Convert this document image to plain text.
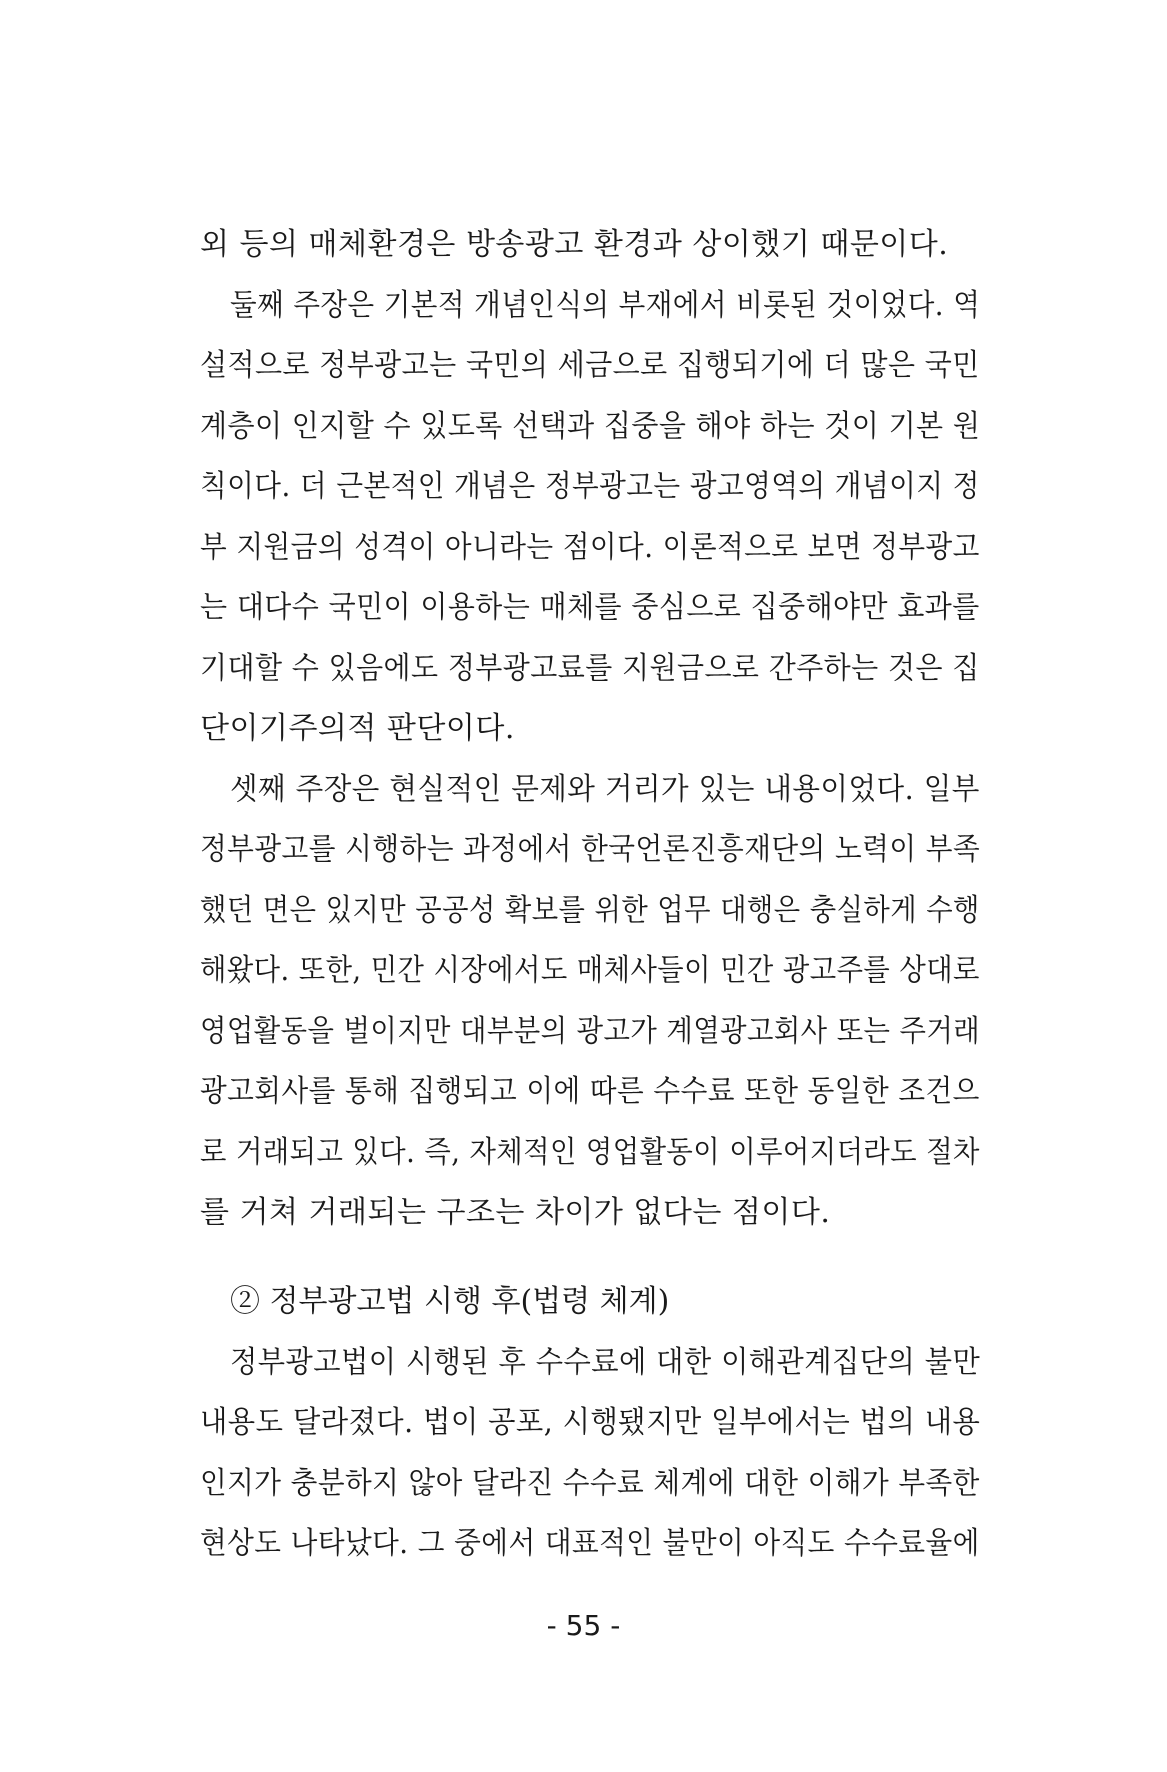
외 등의 매체환경은 방송광고 환경과 상이했기 때문이다.
둘째 주장은 기본적 개념인식의 부재에서 비롯된 것이었다. 역
설적으로 정부광고는 국민의 세금으로 집행되기에 더 많은 국민
계층이 인지할 수 있도록 선택과 집중을 해야 하는 것이 기본 원
칙이다. 더 근본적인 개념은 정부광고는 광고영역의 개념이지 정
부 지원금의 성격이 아니라는 점이다. 이론적으로 보면 정부광고
는 대다수 국민이 이용하는 매체를 중심으로 집중해야만 효과를
기대할 수 있음에도 정부광고료를 지원금으로 간주하는 것은 집
단이기주의적 판단이다.
셋째 주장은 현실적인 문제와 거리가 있는 내용이었다. 일부
정부광고를 시행하는 과정에서 한국언론진흥재단의 노력이 부족
했던 면은 있지만 공공성 확보를 위한 업무 대행은 충실하게 수행
해왔다. 또한, 민간 시장에서도 매체사들이 민간 광고주를 상대로
영업활동을 벌이지만 대부분의 광고가 계열광고회사 또는 주거래
광고회사를 통해 집행되고 이에 따른 수수료 또한 동일한 조건으
로 거래되고 있다. 즉, 자체적인 영업활동이 이루어지더라도 절차
를 거쳐 거래되는 구조는 차이가 없다는 점이다.
② 정부광고법 시행 후(법령 체계)
정부광고법이 시행된 후 수수료에 대한 이해관계집단의 불만
내용도 달라졌다. 법이 공포, 시행됐지만 일부에서는 법의 내용
인지가 충분하지 않아 달라진 수수료 체계에 대한 이해가 부족한
현상도 나타났다. 그 중에서 대표적인 불만이 아직도 수수료율에
- 55 -
